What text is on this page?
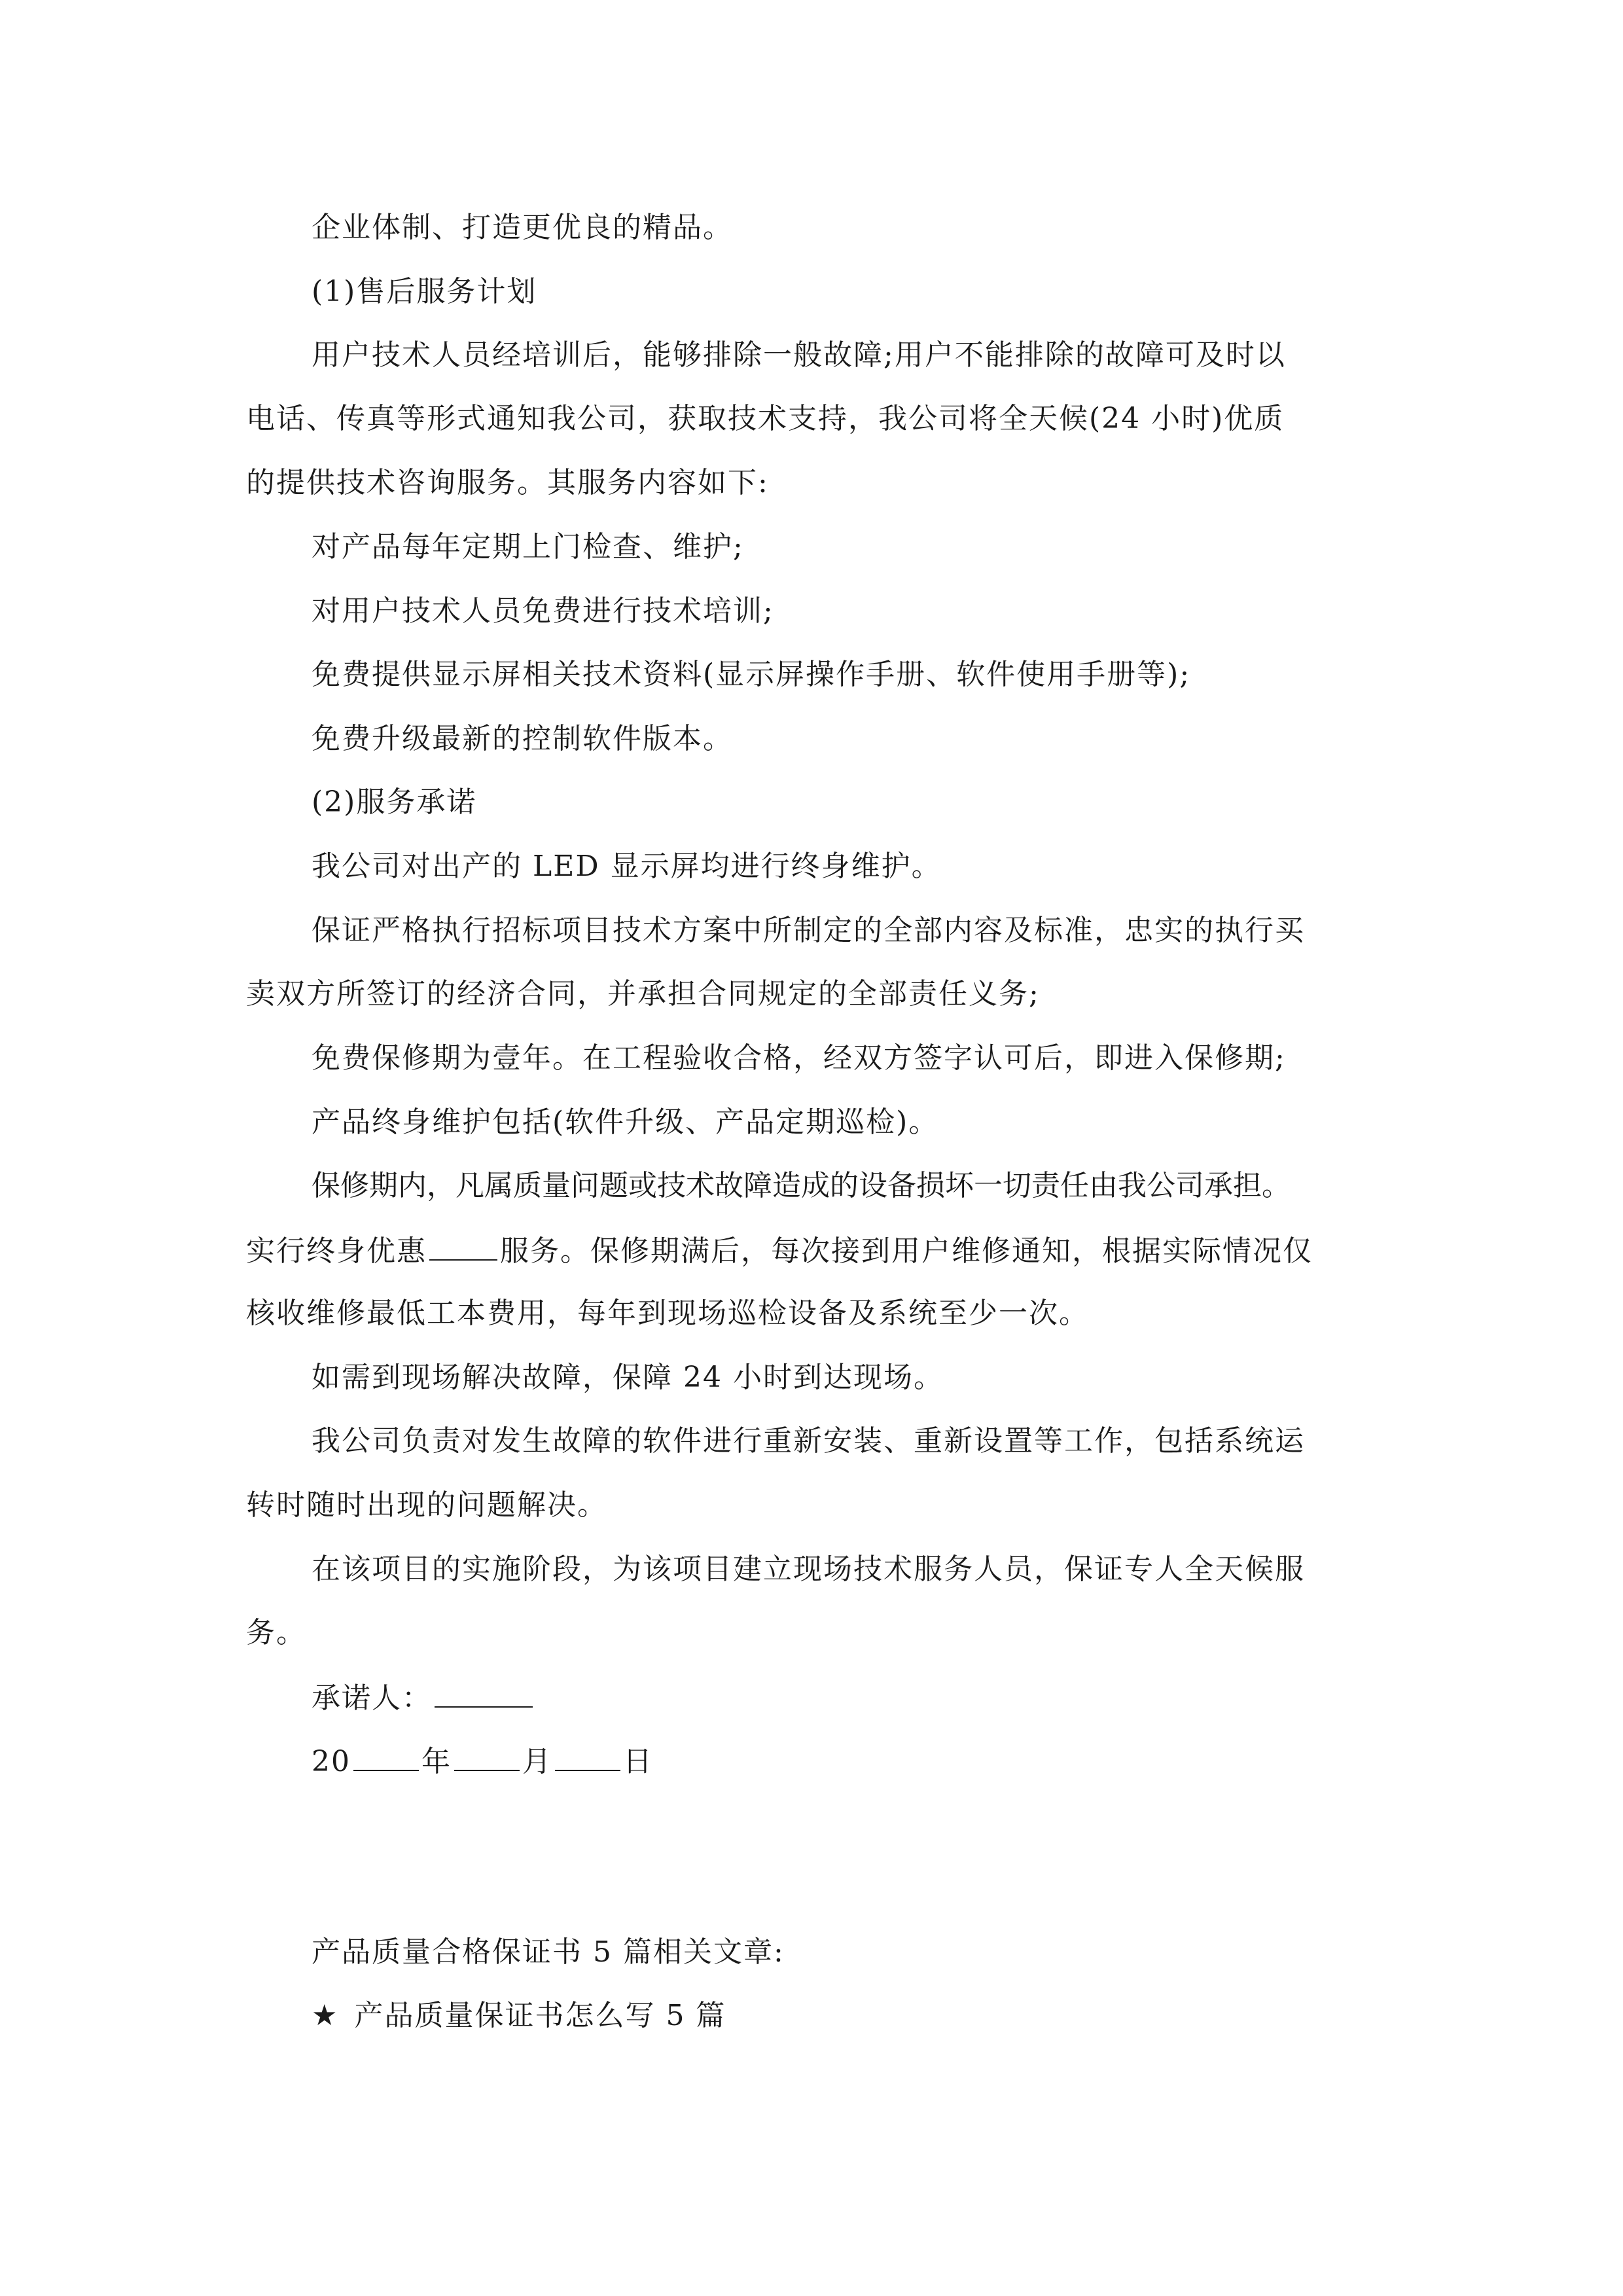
企业体制、打造更优良的精品。
(1)售后服务计划
用户技术人员经培训后，能够排除一般故障;用户不能排除的故障可及时以
电话、传真等形式通知我公司，获取技术支持，我公司将全天候(24 小时)优质
的提供技术咨询服务。其服务内容如下:
对产品每年定期上门检查、维护;
对用户技术人员免费进行技术培训;
免费提供显示屏相关技术资料(显示屏操作手册、软件使用手册等);
免费升级最新的控制软件版本。
(2)服务承诺
我公司对出产的 LED 显示屏均进行终身维护。
保证严格执行招标项目技术方案中所制定的全部内容及标准，忠实的执行买
卖双方所签订的经济合同，并承担合同规定的全部责任义务;
免费保修期为壹年。在工程验收合格，经双方签字认可后，即进入保修期;
产品终身维护包括(软件升级、产品定期巡检)。
保修期内，凡属质量问题或技术故障造成的设备损坏一切责任由我公司承担。
实行终身优惠	服务。保修期满后，每次接到用户维修通知，根据实际情况仅
核收维修最低工本费用，每年到现场巡检设备及系统至少一次。
如需到现场解决故障，保障 24 小时到达现场。
我公司负责对发生故障的软件进行重新安装、重新设置等工作，包括系统运
转时随时出现的问题解决。
在该项目的实施阶段，为该项目建立现场技术服务人员，保证专人全天候服
务。
承诺人：
20 年 月 日
产品质量合格保证书 5 篇相关文章:
★ 产品质量保证书怎么写 5 篇
